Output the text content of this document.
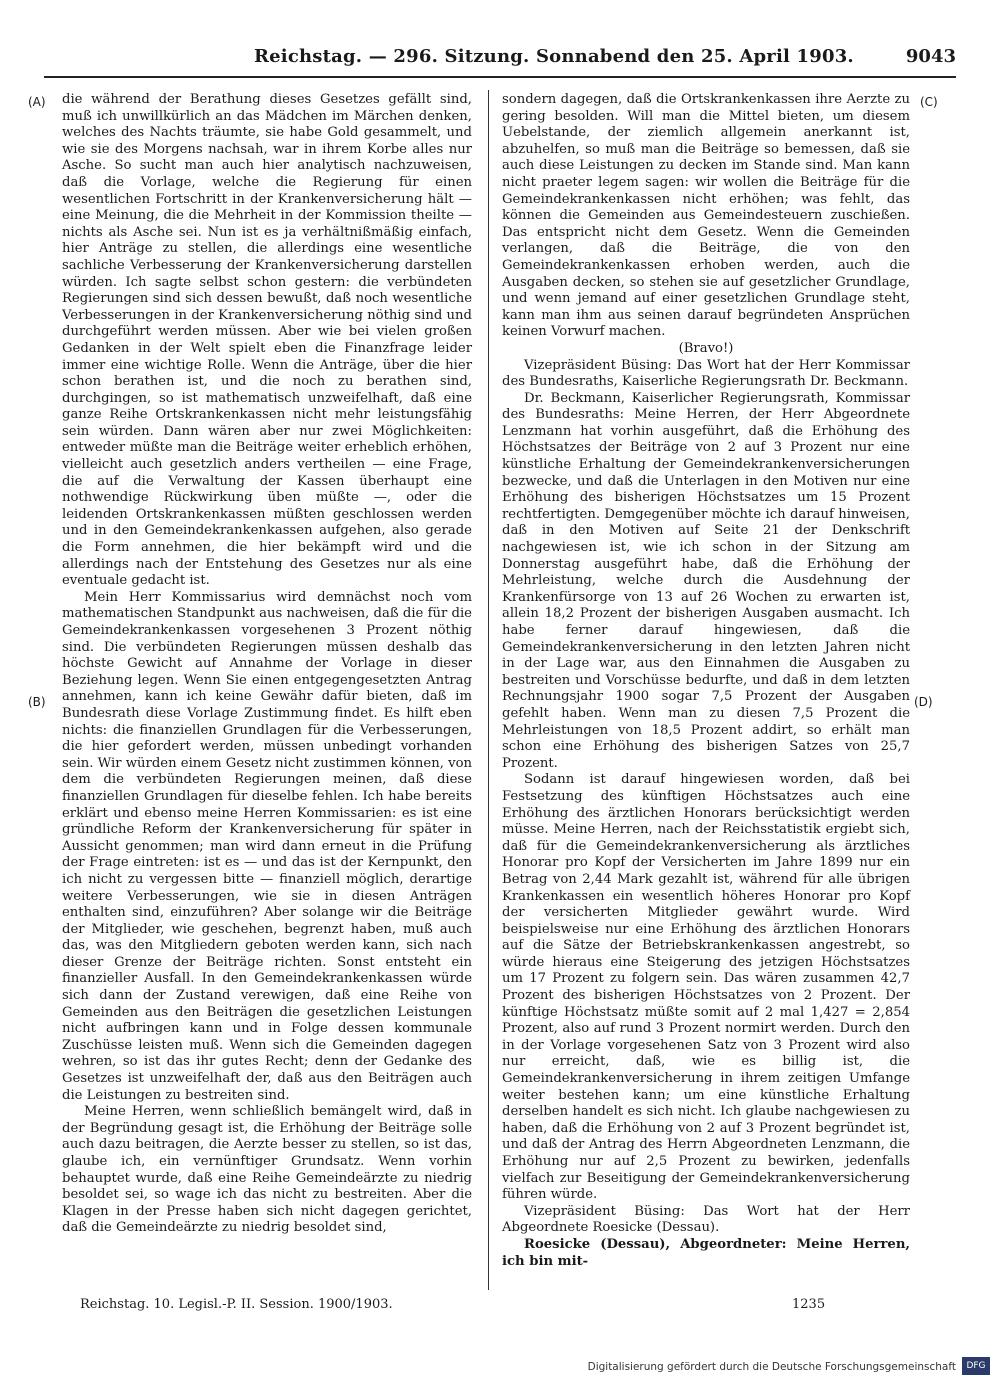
Reichstag. — 296. Sitzung. Sonnabend den 25. April 1903.	9043
(A)
(B)
(C)
(D)

die während der Berathung dieses Gesetzes gefällt sind, muß ich unwillkürlich an das Mädchen im Märchen denken, welches des Nachts träumte, sie habe Gold gesammelt, und wie sie des Morgens nachsah, war in ihrem Korbe alles nur Asche. So sucht man auch hier analytisch nachzuweisen, daß die Vorlage, welche die Regierung für einen wesentlichen Fortschritt in der Krankenversicherung hält — eine Meinung, die die Mehrheit in der Kommission theilte — nichts als Asche sei. Nun ist es ja verhältnißmäßig einfach, hier Anträge zu stellen, die allerdings eine wesentliche sachliche Verbesserung der Krankenversicherung darstellen würden. Ich sagte selbst schon gestern: die verbündeten Regierungen sind sich dessen bewußt, daß noch wesentliche Verbesserungen in der Krankenversicherung nöthig sind und durchgeführt werden müssen. Aber wie bei vielen großen Gedanken in der Welt spielt eben die Finanzfrage leider immer eine wichtige Rolle. Wenn die Anträge, über die hier schon berathen ist, und die noch zu berathen sind, durchgingen, so ist mathematisch unzweifelhaft, daß eine ganze Reihe Ortskrankenkassen nicht mehr leistungsfähig sein würden. Dann wären aber nur zwei Möglichkeiten: entweder müßte man die Beiträge weiter erheblich erhöhen, vielleicht auch gesetzlich anders vertheilen — eine Frage, die auf die Verwaltung der Kassen überhaupt eine nothwendige Rückwirkung üben müßte —, oder die leidenden Ortskrankenkassen müßten geschlossen werden und in den Gemeindekrankenkassen aufgehen, also gerade die Form annehmen, die hier bekämpft wird und die allerdings nach der Entstehung des Gesetzes nur als eine eventuale gedacht ist.

Mein Herr Kommissarius wird demnächst noch vom mathematischen Standpunkt aus nachweisen, daß die für die Gemeindekrankenkassen vorgesehenen 3 Prozent nöthig sind. Die verbündeten Regierungen müssen deshalb das höchste Gewicht auf Annahme der Vorlage in dieser Beziehung legen. Wenn Sie einen entgegengesetzten Antrag annehmen, kann ich keine Gewähr dafür bieten, daß im Bundesrath diese Vorlage Zustimmung findet. Es hilft eben nichts: die finanziellen Grundlagen für die Verbesserungen, die hier gefordert werden, müssen unbedingt vorhanden sein. Wir würden einem Gesetz nicht zustimmen können, von dem die verbündeten Regierungen meinen, daß diese finanziellen Grundlagen für dieselbe fehlen. Ich habe bereits erklärt und ebenso meine Herren Kommissarien: es ist eine gründliche Reform der Krankenversicherung für später in Aussicht genommen; man wird dann erneut in die Prüfung der Frage eintreten: ist es — und das ist der Kernpunkt, den ich nicht zu vergessen bitte — finanziell möglich, derartige weitere Verbesserungen, wie sie in diesen Anträgen enthalten sind, einzuführen? Aber solange wir die Beiträge der Mitglieder, wie geschehen, begrenzt haben, muß auch das, was den Mitgliedern geboten werden kann, sich nach dieser Grenze der Beiträge richten. Sonst entsteht ein finanzieller Ausfall. In den Gemeindekrankenkassen würde sich dann der Zustand verewigen, daß eine Reihe von Gemeinden aus den Beiträgen die gesetzlichen Leistungen nicht aufbringen kann und in Folge dessen kommunale Zuschüsse leisten muß. Wenn sich die Gemeinden dagegen wehren, so ist das ihr gutes Recht; denn der Gedanke des Gesetzes ist unzweifelhaft der, daß aus den Beiträgen auch die Leistungen zu bestreiten sind.

Meine Herren, wenn schließlich bemängelt wird, daß in der Begründung gesagt ist, die Erhöhung der Beiträge solle auch dazu beitragen, die Aerzte besser zu stellen, so ist das, glaube ich, ein vernünftiger Grundsatz. Wenn vorhin behauptet wurde, daß eine Reihe Gemeindeärzte zu niedrig besoldet sei, so wage ich das nicht zu bestreiten. Aber die Klagen in der Presse haben sich nicht dagegen gerichtet, daß die Gemeindeärzte zu niedrig besoldet sind,

sondern dagegen, daß die Ortskrankenkassen ihre Aerzte zu gering besolden. Will man die Mittel bieten, um diesem Uebelstande, der ziemlich allgemein anerkannt ist, abzuhelfen, so muß man die Beiträge so bemessen, daß sie auch diese Leistungen zu decken im Stande sind. Man kann nicht praeter legem sagen: wir wollen die Beiträge für die Gemeindekrankenkassen nicht erhöhen; was fehlt, das können die Gemeinden aus Gemeindesteuern zuschießen. Das entspricht nicht dem Gesetz. Wenn die Gemeinden verlangen, daß die Beiträge, die von den Gemeindekrankenkassen erhoben werden, auch die Ausgaben decken, so stehen sie auf gesetzlicher Grundlage, und wenn jemand auf einer gesetzlichen Grundlage steht, kann man ihm aus seinen darauf begründeten Ansprüchen keinen Vorwurf machen.

(Bravo!)

Vizepräsident Büsing: Das Wort hat der Herr Kommissar des Bundesraths, Kaiserliche Regierungsrath Dr. Beckmann.

Dr. Beckmann, Kaiserlicher Regierungsrath, Kommissar des Bundesraths: Meine Herren, der Herr Abgeordnete Lenzmann hat vorhin ausgeführt, daß die Erhöhung des Höchstsatzes der Beiträge von 2 auf 3 Prozent nur eine künstliche Erhaltung der Gemeindekrankenversicherungen bezwecke, und daß die Unterlagen in den Motiven nur eine Erhöhung des bisherigen Höchstsatzes um 15 Prozent rechtfertigten. Demgegenüber möchte ich darauf hinweisen, daß in den Motiven auf Seite 21 der Denkschrift nachgewiesen ist, wie ich schon in der Sitzung am Donnerstag ausgeführt habe, daß die Erhöhung der Mehrleistung, welche durch die Ausdehnung der Krankenfürsorge von 13 auf 26 Wochen zu erwarten ist, allein 18,2 Prozent der bisherigen Ausgaben ausmacht. Ich habe ferner darauf hingewiesen, daß die Gemeindekrankenversicherung in den letzten Jahren nicht in der Lage war, aus den Einnahmen die Ausgaben zu bestreiten und Vorschüsse bedurfte, und daß in dem letzten Rechnungsjahr 1900 sogar 7,5 Prozent der Ausgaben gefehlt haben. Wenn man zu diesen 7,5 Prozent die Mehrleistungen von 18,5 Prozent addirt, so erhält man schon eine Erhöhung des bisherigen Satzes von 25,7 Prozent.

Sodann ist darauf hingewiesen worden, daß bei Festsetzung des künftigen Höchstsatzes auch eine Erhöhung des ärztlichen Honorars berücksichtigt werden müsse. Meine Herren, nach der Reichsstatistik ergiebt sich, daß für die Gemeindekrankenversicherung als ärztliches Honorar pro Kopf der Versicherten im Jahre 1899 nur ein Betrag von 2,44 Mark gezahlt ist, während für alle übrigen Krankenkassen ein wesentlich höheres Honorar pro Kopf der versicherten Mitglieder gewährt wurde. Wird beispielsweise nur eine Erhöhung des ärztlichen Honorars auf die Sätze der Betriebskrankenkassen angestrebt, so würde hieraus eine Steigerung des jetzigen Höchstsatzes um 17 Prozent zu folgern sein. Das wären zusammen 42,7 Prozent des bisherigen Höchstsatzes von 2 Prozent. Der künftige Höchstsatz müßte somit auf 2 mal 1,427 = 2,854 Prozent, also auf rund 3 Prozent normirt werden. Durch den in der Vorlage vorgesehenen Satz von 3 Prozent wird also nur erreicht, daß, wie es billig ist, die Gemeindekrankenversicherung in ihrem zeitigen Umfange weiter bestehen kann; um eine künstliche Erhaltung derselben handelt es sich nicht. Ich glaube nachgewiesen zu haben, daß die Erhöhung von 2 auf 3 Prozent begründet ist, und daß der Antrag des Herrn Abgeordneten Lenzmann, die Erhöhung nur auf 2,5 Prozent zu bewirken, jedenfalls vielfach zur Beseitigung der Gemeindekrankenversicherung führen würde.

Vizepräsident Büsing: Das Wort hat der Herr Abgeordnete Roesicke (Dessau).

Roesicke (Dessau), Abgeordneter: Meine Herren, ich bin mit-

Reichstag. 10. Legisl.-P. II. Session. 1900/1903.	1235
Digitalisierung gefördert durch die Deutsche Forschungsgemeinschaft	DFG
